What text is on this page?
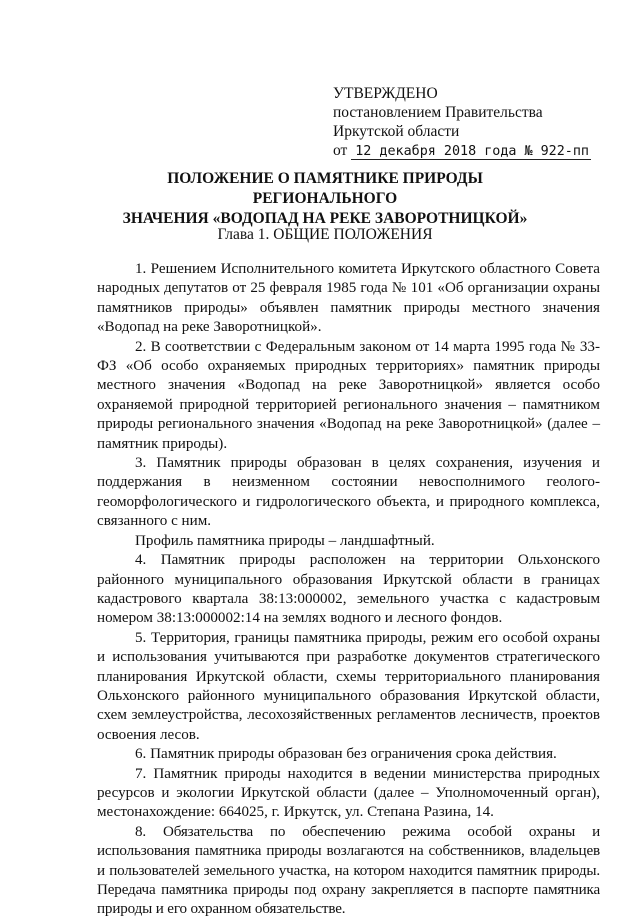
УТВЕРЖДЕНО
постановлением Правительства
Иркутской области
от 12 декабря 2018 года № 922-пп
ПОЛОЖЕНИЕ О ПАМЯТНИКЕ ПРИРОДЫ РЕГИОНАЛЬНОГО
ЗНАЧЕНИЯ «ВОДОПАД НА РЕКЕ ЗАВОРОТНИЦКОЙ»
Глава 1. ОБЩИЕ ПОЛОЖЕНИЯ

1. Решением Исполнительного комитета Иркутского областного Совета народных депутатов от 25 февраля 1985 года № 101 «Об организации охраны памятников природы» объявлен памятник природы местного значения «Водопад на реке Заворотницкой».

2. В соответствии с Федеральным законом от 14 марта 1995 года № 33-ФЗ «Об особо охраняемых природных территориях» памятник природы местного значения «Водопад на реке Заворотницкой» является особо охраняемой природной территорией регионального значения – памятником природы регионального значения «Водопад на реке Заворотницкой» (далее – памятник природы).

3. Памятник природы образован в целях сохранения, изучения и поддержания в неизменном состоянии невосполнимого геолого-геоморфологического и гидрологического объекта, и природного комплекса, связанного с ним.

Профиль памятника природы – ландшафтный.

4. Памятник природы расположен на территории Ольхонского районного муниципального образования Иркутской области в границах кадастрового квартала 38:13:000002, земельного участка с кадастровым номером 38:13:000002:14 на землях водного и лесного фондов.

5. Территория, границы памятника природы, режим его особой охраны и использования учитываются при разработке документов стратегического планирования Иркутской области, схемы территориального планирования Ольхонского районного муниципального образования Иркутской области, схем землеустройства, лесохозяйственных регламентов лесничеств, проектов освоения лесов.

6. Памятник природы образован без ограничения срока действия.

7. Памятник природы находится в ведении министерства природных ресурсов и экологии Иркутской области (далее – Уполномоченный орган), местонахождение: 664025, г. Иркутск, ул. Степана Разина, 14.

8. Обязательства по обеспечению режима особой охраны и использования памятника природы возлагаются на собственников, владельцев и пользователей земельного участка, на котором находится памятник природы. Передача памятника природы под охрану закрепляется в паспорте памятника природы и его охранном обязательстве.
